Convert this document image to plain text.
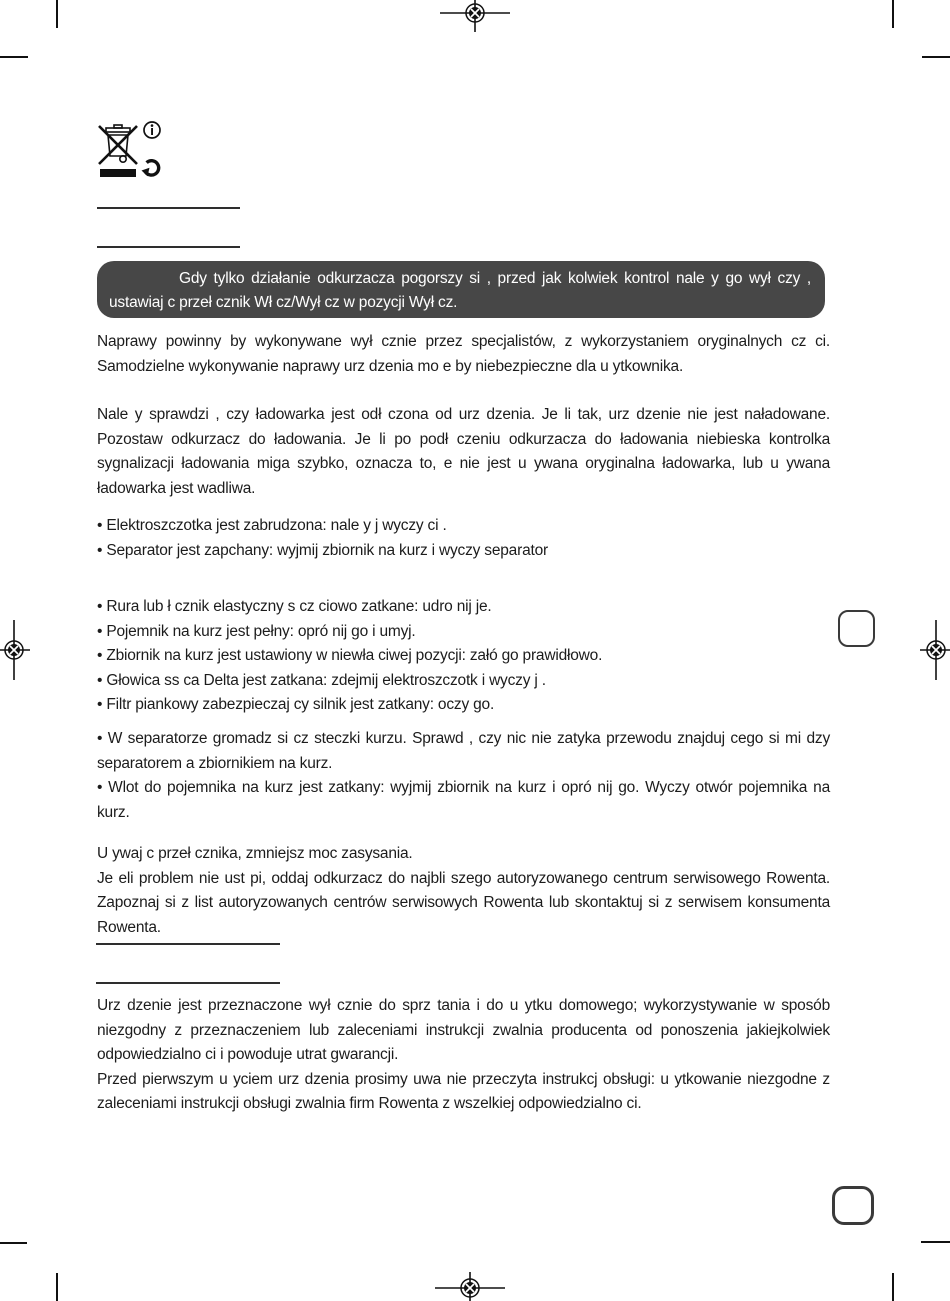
Gdy tylko działanie odkurzacza pogorszy si , przed jak kolwiek kontrol nale y go wył czy , ustawiaj c przeł cznik Wł cz/Wył cz w pozycji Wył cz.

Naprawy powinny by wykonywane wył cznie przez specjalistów, z wykorzystaniem oryginalnych cz ci. Samodzielne wykonywanie naprawy urz dzenia mo e by niebezpieczne dla u ytkownika.

Nale y sprawdzi , czy ładowarka jest odł czona od urz dzenia. Je li tak, urz dzenie nie jest naładowane. Pozostaw odkurzacz do ładowania. Je li po podł czeniu odkurzacza do ładowania niebieska kontrolka sygnalizacji ładowania miga szybko, oznacza to, e nie jest u ywana oryginalna ładowarka, lub u ywana ładowarka jest wadliwa.

• Elektroszczotka jest zabrudzona: nale y j wyczy ci .

• Separator jest zapchany: wyjmij zbiornik na kurz i wyczy separator

• Rura lub ł cznik elastyczny s cz ciowo zatkane: udro nij je.

• Pojemnik na kurz jest pełny: opró nij go i umyj.

• Zbiornik na kurz jest ustawiony w niewła ciwej pozycji: załó go prawidłowo.

• Głowica ss ca Delta jest zatkana: zdejmij elektroszczotk i wyczy j .

• Filtr piankowy zabezpieczaj cy silnik jest zatkany: oczy go.

• W separatorze gromadz si cz steczki kurzu. Sprawd , czy nic nie zatyka przewodu znajduj cego si mi dzy separatorem a zbiornikiem na kurz.

• Wlot do pojemnika na kurz jest zatkany: wyjmij zbiornik na kurz i opró nij go. Wyczy otwór pojemnika na kurz.

U ywaj c przeł cznika, zmniejsz moc zasysania.

Je eli problem nie ust pi, oddaj odkurzacz do najbli szego autoryzowanego centrum serwisowego Rowenta. Zapoznaj si z list autoryzowanych centrów serwisowych Rowenta lub skontaktuj si z serwisem konsumenta Rowenta.

Urz dzenie jest przeznaczone wył cznie do sprz tania i do u ytku domowego; wykorzystywanie w sposób niezgodny z przeznaczeniem lub zaleceniami instrukcji zwalnia producenta od ponoszenia jakiejkolwiek odpowiedzialno ci i powoduje utrat gwarancji.

Przed pierwszym u yciem urz dzenia prosimy uwa nie przeczyta instrukcj obsługi: u ytkowanie niezgodne z zaleceniami instrukcji obsługi zwalnia firm Rowenta z wszelkiej odpowiedzialno ci.
